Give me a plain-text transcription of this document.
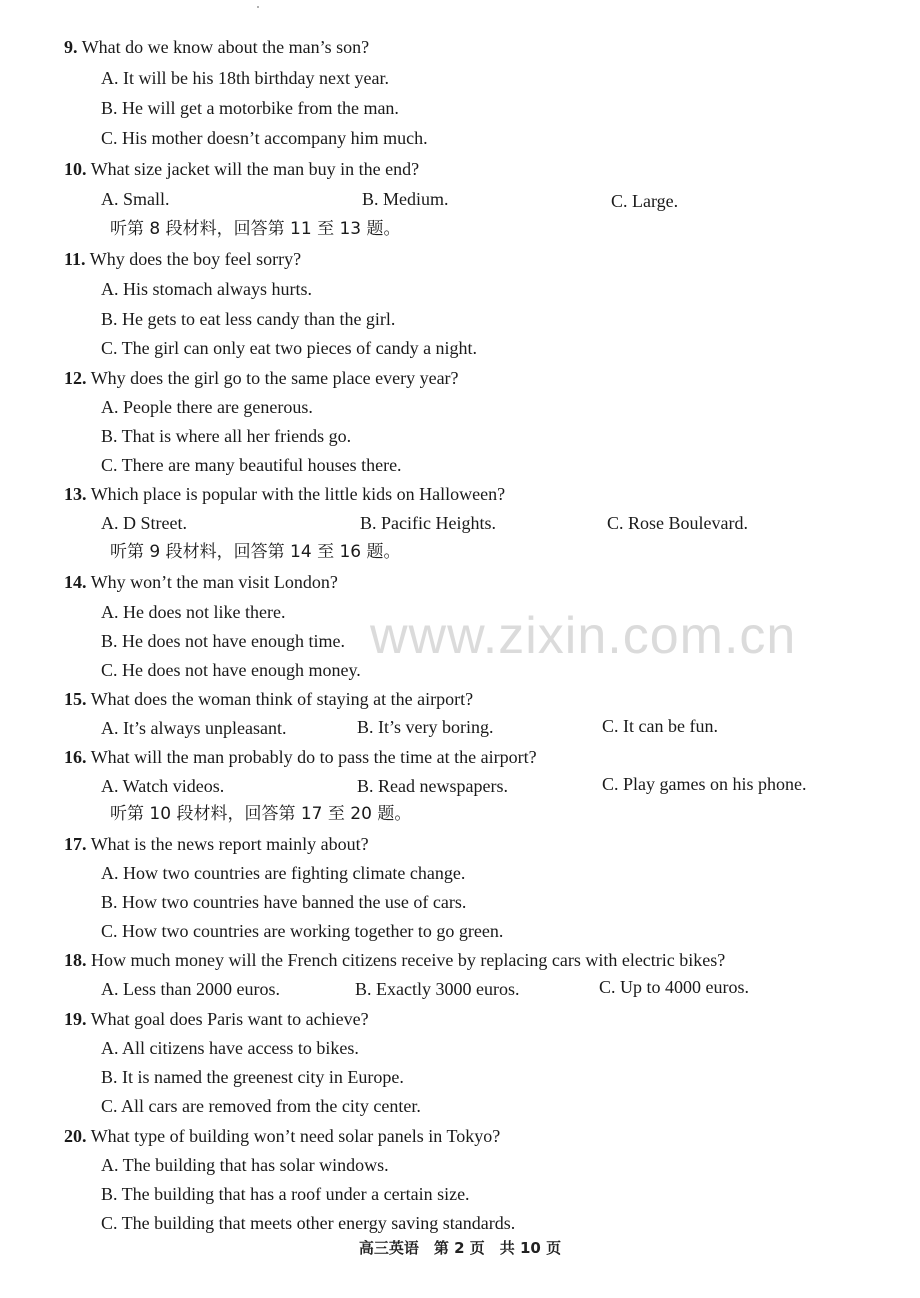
9. What do we know about the man’s son?
A. It will be his 18th birthday next year.
B. He will get a motorbike from the man.
C. His mother doesn’t accompany him much.
10. What size jacket will the man buy in the end?
A. Small.	B. Medium.	C. Large.
听第 8 段材料，回答第 11 至 13 题。
11. Why does the boy feel sorry?
A. His stomach always hurts.
B. He gets to eat less candy than the girl.
C. The girl can only eat two pieces of candy a night.
12. Why does the girl go to the same place every year?
A. People there are generous.
B. That is where all her friends go.
C. There are many beautiful houses there.
13. Which place is popular with the little kids on Halloween?
A. D Street.	B. Pacific Heights.	C. Rose Boulevard.
听第 9 段材料，回答第 14 至 16 题。
14. Why won’t the man visit London?
A. He does not like there.
B. He does not have enough time.
C. He does not have enough money.
15. What does the woman think of staying at the airport?
A. It’s always unpleasant.	B. It’s very boring.	C. It can be fun.
16. What will the man probably do to pass the time at the airport?
A. Watch videos.	B. Read newspapers.	C. Play games on his phone.
听第 10 段材料，回答第 17 至 20 题。
17. What is the news report mainly about?
A. How two countries are fighting climate change.
B. How two countries have banned the use of cars.
C. How two countries are working together to go green.
18. How much money will the French citizens receive by replacing cars with electric bikes?
A. Less than 2000 euros.	B. Exactly 3000 euros.	C. Up to 4000 euros.
19. What goal does Paris want to achieve?
A. All citizens have access to bikes.
B. It is named the greenest city in Europe.
C. All cars are removed from the city center.
20. What type of building won’t need solar panels in Tokyo?
A. The building that has solar windows.
B. The building that has a roof under a certain size.
C. The building that meets other energy saving standards.
www.zixin.com.cn
高三英语　第 2 页　共 10 页
